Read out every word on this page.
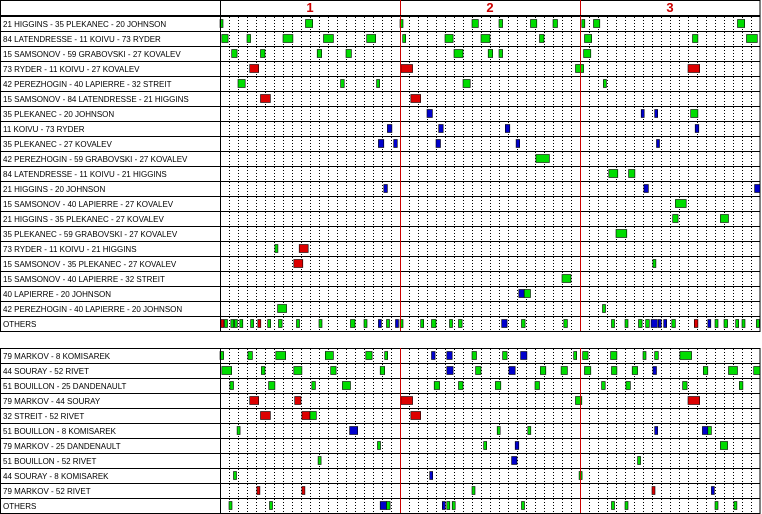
1	2	3
21 HIGGINS - 35 PLEKANEC - 20 JOHNSON
84 LATENDRESSE - 11 KOIVU - 73 RYDER
15 SAMSONOV - 59 GRABOVSKI - 27 KOVALEV
73 RYDER - 11 KOIVU - 27 KOVALEV
42 PEREZHOGIN - 40 LAPIERRE - 32 STREIT
15 SAMSONOV - 84 LATENDRESSE - 21 HIGGINS
35 PLEKANEC - 20 JOHNSON
11 KOIVU - 73 RYDER
35 PLEKANEC - 27 KOVALEV
42 PEREZHOGIN - 59 GRABOVSKI - 27 KOVALEV
84 LATENDRESSE - 11 KOIVU - 21 HIGGINS
21 HIGGINS - 20 JOHNSON
15 SAMSONOV - 40 LAPIERRE - 27 KOVALEV
21 HIGGINS - 35 PLEKANEC - 27 KOVALEV
35 PLEKANEC - 59 GRABOVSKI - 27 KOVALEV
73 RYDER - 11 KOIVU - 21 HIGGINS
15 SAMSONOV - 35 PLEKANEC - 27 KOVALEV
15 SAMSONOV - 40 LAPIERRE - 32 STREIT
40 LAPIERRE - 20 JOHNSON
42 PEREZHOGIN - 40 LAPIERRE - 20 JOHNSON
OTHERS
79 MARKOV - 8 KOMISAREK
44 SOURAY - 52 RIVET
51 BOUILLON - 25 DANDENAULT
79 MARKOV - 44 SOURAY
32 STREIT - 52 RIVET
51 BOUILLON - 8 KOMISAREK
79 MARKOV - 25 DANDENAULT
51 BOUILLON - 52 RIVET
44 SOURAY - 8 KOMISAREK
79 MARKOV - 52 RIVET
OTHERS
